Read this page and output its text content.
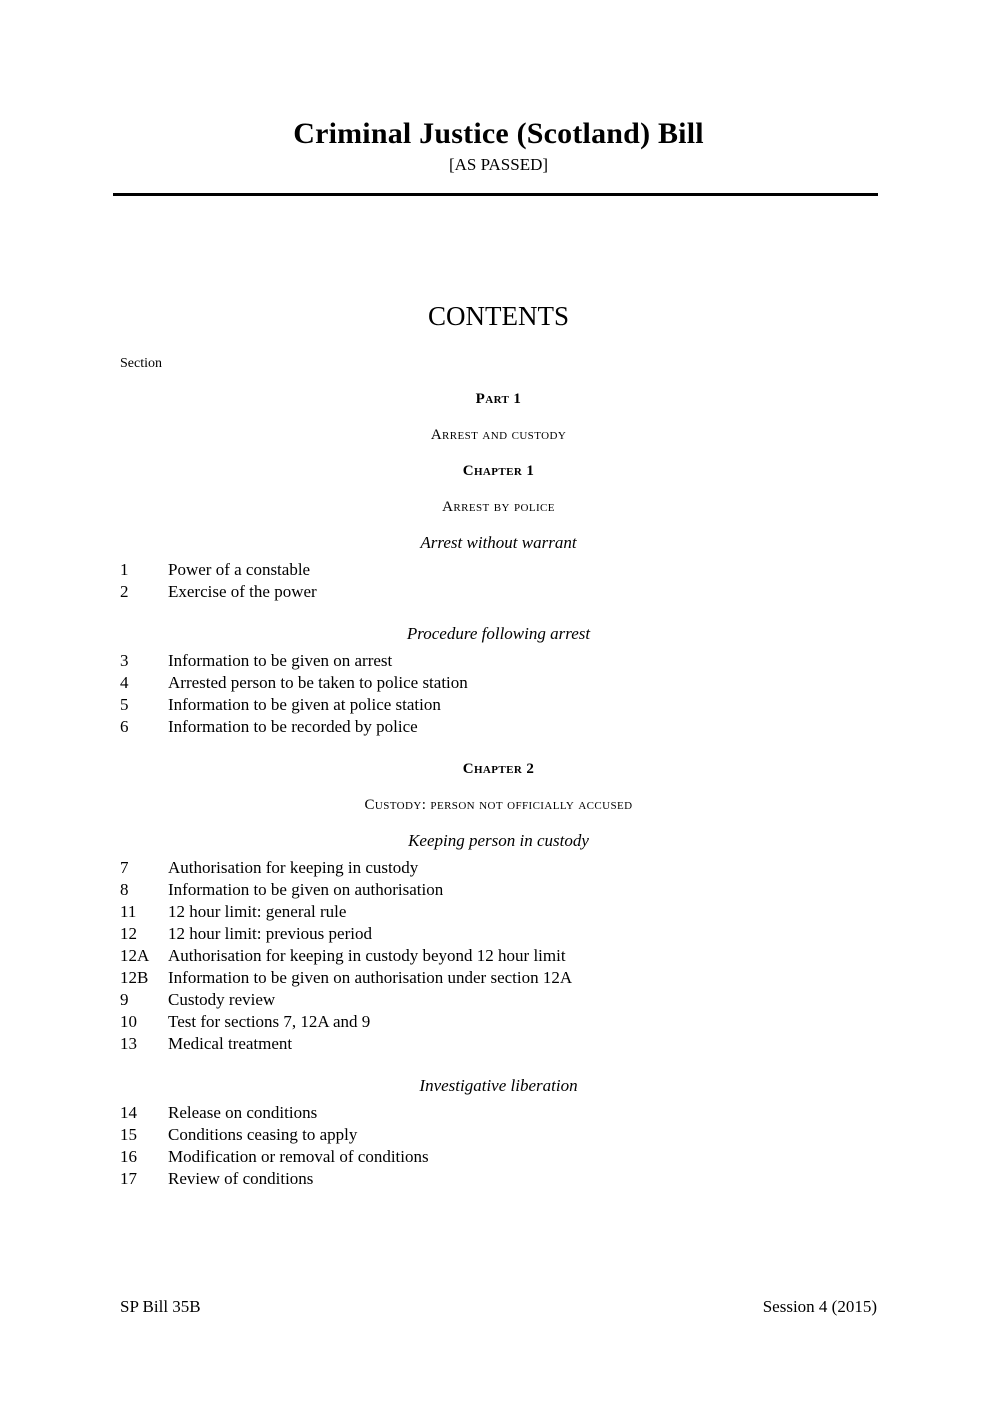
Criminal Justice (Scotland) Bill
[AS PASSED]
CONTENTS
Section
Part 1
Arrest and custody
Chapter 1
Arrest by police
Arrest without warrant
1	Power of a constable
2	Exercise of the power
Procedure following arrest
3	Information to be given on arrest
4	Arrested person to be taken to police station
5	Information to be given at police station
6	Information to be recorded by police
Chapter 2
Custody: person not officially accused
Keeping person in custody
7	Authorisation for keeping in custody
8	Information to be given on authorisation
11	12 hour limit: general rule
12	12 hour limit: previous period
12A	Authorisation for keeping in custody beyond 12 hour limit
12B	Information to be given on authorisation under section 12A
9	Custody review
10	Test for sections 7, 12A and 9
13	Medical treatment
Investigative liberation
14	Release on conditions
15	Conditions ceasing to apply
16	Modification or removal of conditions
17	Review of conditions
SP Bill 35B	Session 4 (2015)
